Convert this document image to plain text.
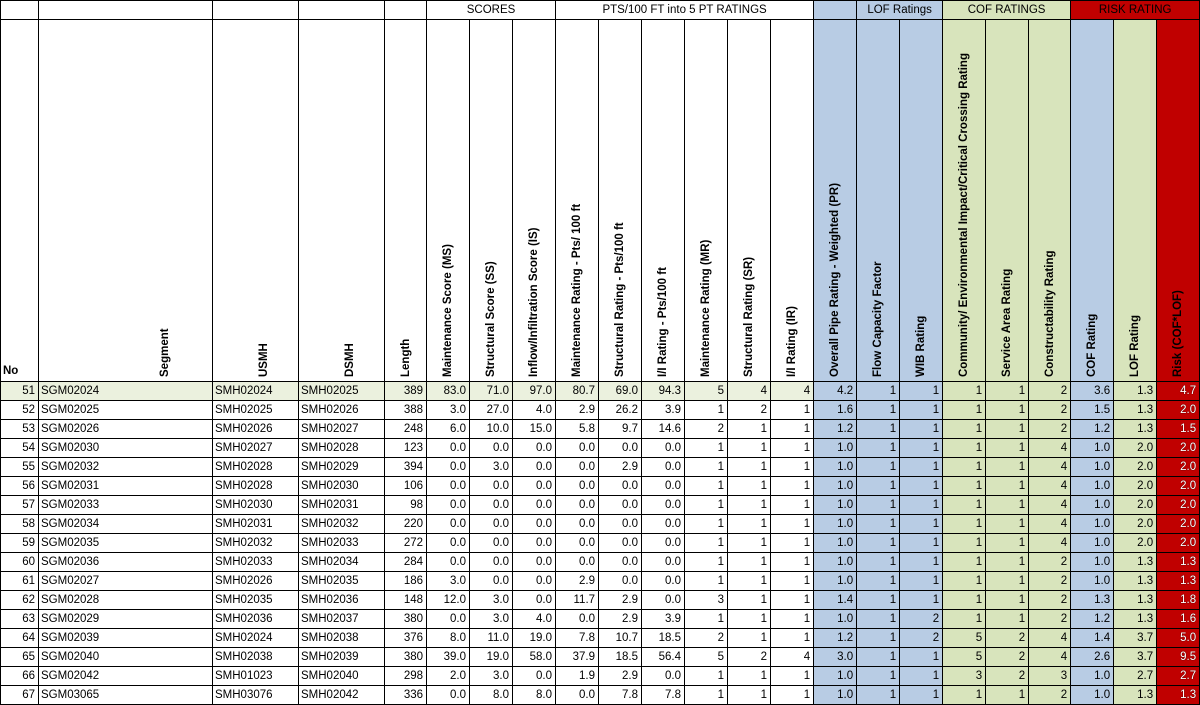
					SCORES			PTS/100 FT into 5 PT RATINGS							LOF Ratings		COF RATINGS			RISK RATING		

No	Segment	USMH	DSMH	Length	Maintenance Score (MS)	Structural Score (SS)	Inflow/Infiltration Score (IS)	Maintenance Rating - Pts/ 100 ft	Structural Rating - Pts/100 ft	I/I Rating - Pts/100 ft	Maintenance Rating (MR)	Structural Rating (SR)	I/I Rating (IR)	Overall Pipe Rating - Weighted (PR)	Flow Capacity Factor	WIB Rating	Community/ Environmental Impact/Critical Crossing Rating	Service Area Rating	Constructability Rating	COF Rating	LOF Rating	Risk (COF*LOF)

51	SGM02024	SMH02024	SMH02025	389	83.0	71.0	97.0	80.7	69.0	94.3	5	4	4	4.2	1	1	1	1	2	3.6	1.3	4.7
52	SGM02025	SMH02025	SMH02026	388	3.0	27.0	4.0	2.9	26.2	3.9	1	2	1	1.6	1	1	1	1	2	1.5	1.3	2.0
53	SGM02026	SMH02026	SMH02027	248	6.0	10.0	15.0	5.8	9.7	14.6	2	1	1	1.2	1	1	1	1	2	1.2	1.3	1.5
54	SGM02030	SMH02027	SMH02028	123	0.0	0.0	0.0	0.0	0.0	0.0	1	1	1	1.0	1	1	1	1	4	1.0	2.0	2.0
55	SGM02032	SMH02028	SMH02029	394	0.0	3.0	0.0	0.0	2.9	0.0	1	1	1	1.0	1	1	1	1	4	1.0	2.0	2.0
56	SGM02031	SMH02028	SMH02030	106	0.0	0.0	0.0	0.0	0.0	0.0	1	1	1	1.0	1	1	1	1	4	1.0	2.0	2.0
57	SGM02033	SMH02030	SMH02031	98	0.0	0.0	0.0	0.0	0.0	0.0	1	1	1	1.0	1	1	1	1	4	1.0	2.0	2.0
58	SGM02034	SMH02031	SMH02032	220	0.0	0.0	0.0	0.0	0.0	0.0	1	1	1	1.0	1	1	1	1	4	1.0	2.0	2.0
59	SGM02035	SMH02032	SMH02033	272	0.0	0.0	0.0	0.0	0.0	0.0	1	1	1	1.0	1	1	1	1	4	1.0	2.0	2.0
60	SGM02036	SMH02033	SMH02034	284	0.0	0.0	0.0	0.0	0.0	0.0	1	1	1	1.0	1	1	1	1	2	1.0	1.3	1.3
61	SGM02027	SMH02026	SMH02035	186	3.0	0.0	0.0	2.9	0.0	0.0	1	1	1	1.0	1	1	1	1	2	1.0	1.3	1.3
62	SGM02028	SMH02035	SMH02036	148	12.0	3.0	0.0	11.7	2.9	0.0	3	1	1	1.4	1	1	1	1	2	1.3	1.3	1.8
63	SGM02029	SMH02036	SMH02037	380	0.0	3.0	4.0	0.0	2.9	3.9	1	1	1	1.0	1	2	1	1	2	1.2	1.3	1.6
64	SGM02039	SMH02024	SMH02038	376	8.0	11.0	19.0	7.8	10.7	18.5	2	1	1	1.2	1	2	5	2	4	1.4	3.7	5.0
65	SGM02040	SMH02038	SMH02039	380	39.0	19.0	58.0	37.9	18.5	56.4	5	2	4	3.0	1	1	5	2	4	2.6	3.7	9.5
66	SGM02042	SMH01023	SMH02040	298	2.0	3.0	0.0	1.9	2.9	0.0	1	1	1	1.0	1	1	3	2	3	1.0	2.7	2.7
67	SGM03065	SMH03076	SMH02042	336	0.0	8.0	8.0	0.0	7.8	7.8	1	1	1	1.0	1	1	1	1	2	1.0	1.3	1.3
